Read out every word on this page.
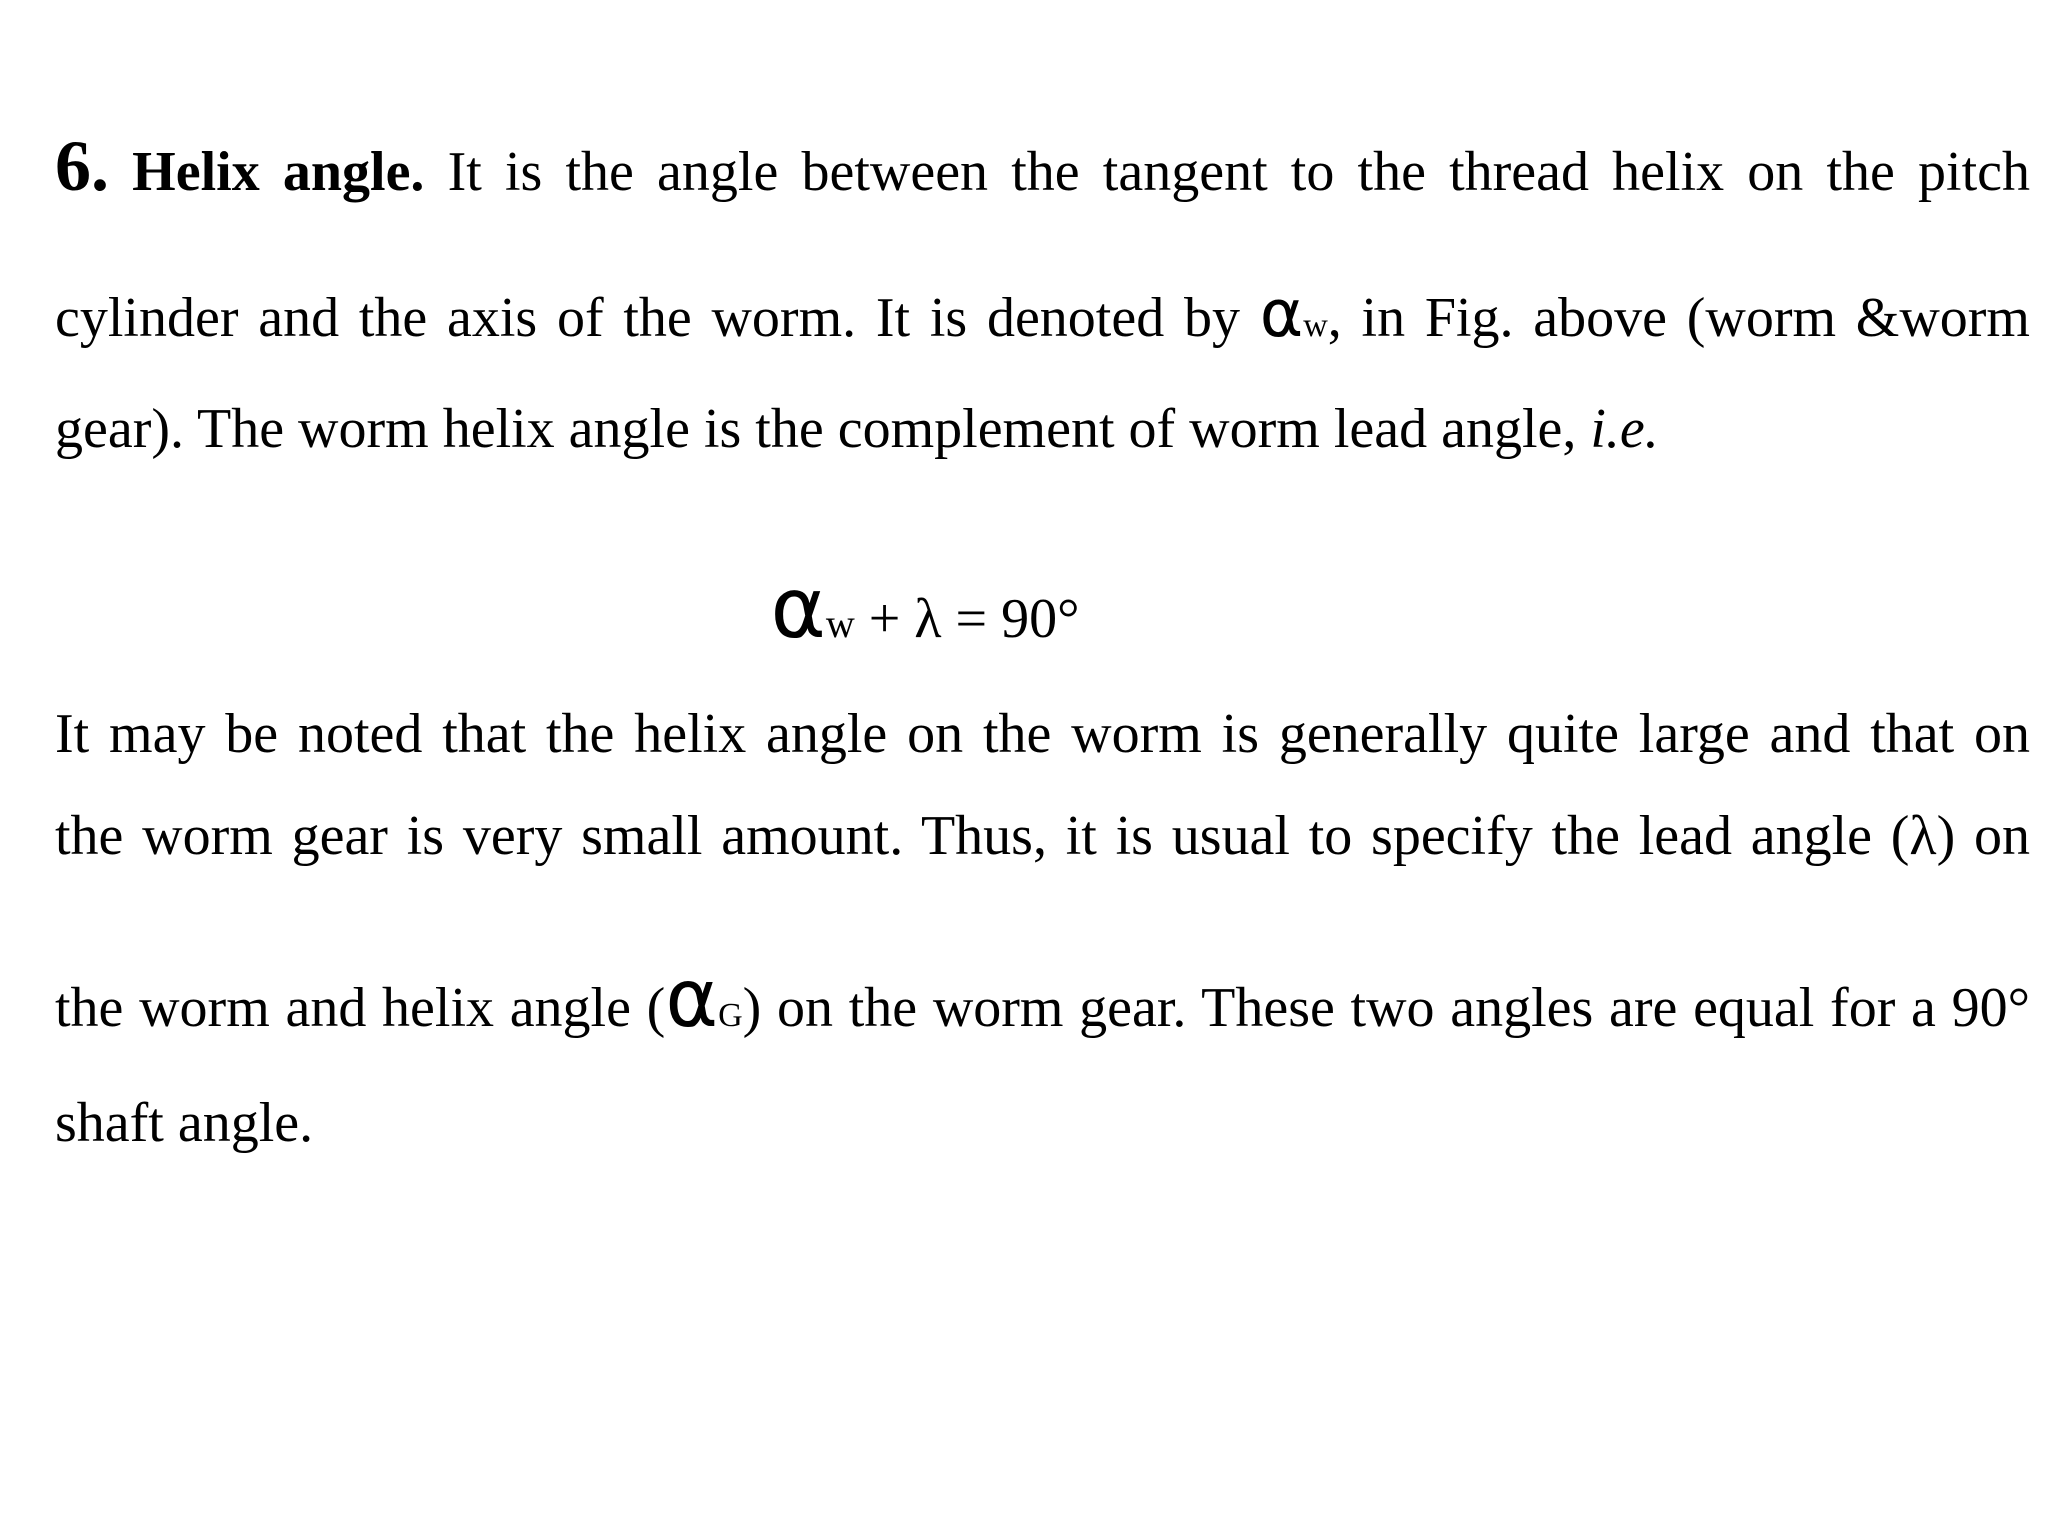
6. Helix angle. It is the angle between the tangent to the thread helix on the pitch
cylinder and the axis of the worm. It is denoted by αw, in Fig. above (worm &worm
gear). The worm helix angle is the complement of worm lead angle, i.e.
αw + λ = 90°
It may be noted that the helix angle on the worm is generally quite large and that on
the worm gear is very small amount. Thus, it is usual to specify the lead angle (λ) on
the worm and helix angle (αG) on the worm gear. These two angles are equal for a 90°
shaft angle.
